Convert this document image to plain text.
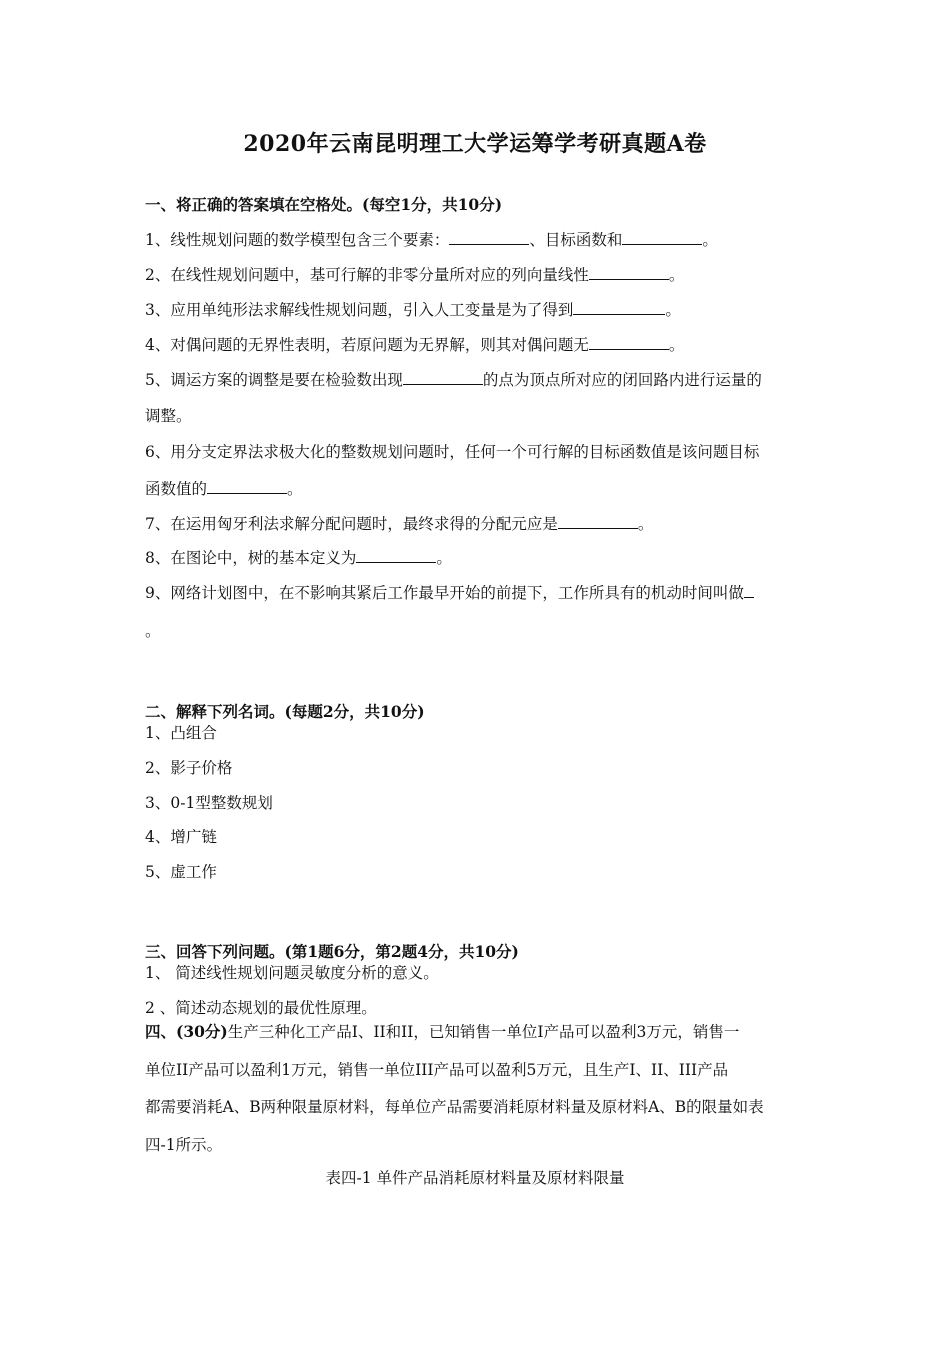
2020年云南昆明理工大学运筹学考研真题A卷
一、将正确的答案填在空格处。(每空1分，共10分)
1、线性规划问题的数学模型包含三个要素：	、目标函数和	。
2、在线性规划问题中，基可行解的非零分量所对应的列向量线性	。
3、应用单纯形法求解线性规划问题，引入人工变量是为了得到	。
4、对偶问题的无界性表明，若原问题为无界解，则其对偶问题无	。
5、调运方案的调整是要在检验数出现	的点为顶点所对应的闭回路内进行运量的
调整。
6、用分支定界法求极大化的整数规划问题时，任何一个可行解的目标函数值是该问题目标
函数值的	。
7、在运用匈牙利法求解分配问题时，最终求得的分配元应是	。
8、在图论中，树的基本定义为	。
9、网络计划图中，在不影响其紧后工作最早开始的前提下，工作所具有的机动时间叫做
。
二、解释下列名词。(每题2分，共10分)
1、凸组合
2、影子价格
3、0-1型整数规划
4、增广链
5、虚工作
三、回答下列问题。(第1题6分，第2题4分，共10分)
1、 简述线性规划问题灵敏度分析的意义。
2 、简述动态规划的最优性原理。
四、(30分)生产三种化工产品I、II和II，已知销售一单位I产品可以盈利3万元，销售一
单位II产品可以盈利1万元，销售一单位III产品可以盈利5万元，且生产I、II、III产品
都需要消耗A、B两种限量原材料，每单位产品需要消耗原材料量及原材料A、B的限量如表
四-1所示。
表四-1 单件产品消耗原材料量及原材料限量
